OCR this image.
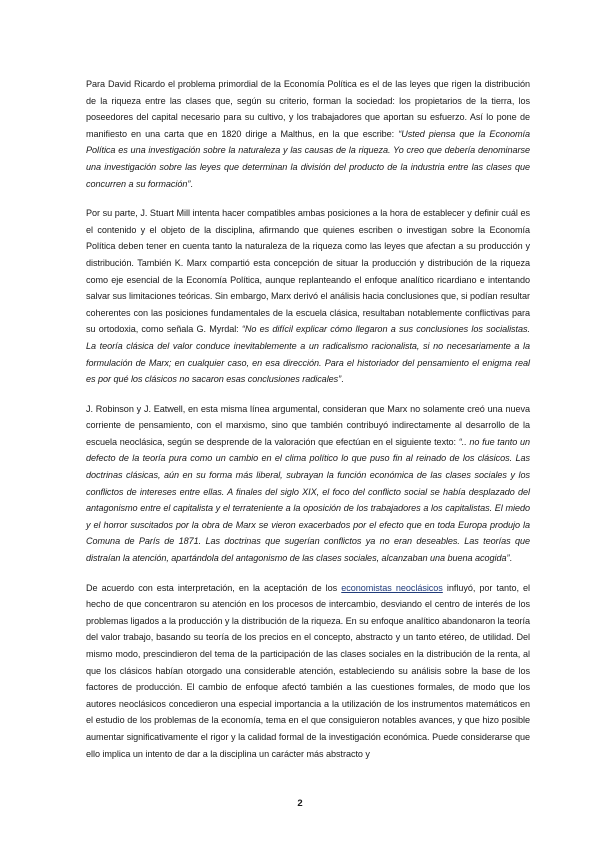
Para David Ricardo el problema primordial de la Economía Política es el de las leyes que rigen la distribución de la riqueza entre las clases que, según su criterio, forman la sociedad: los propietarios de la tierra, los poseedores del capital necesario para su cultivo, y los trabajadores que aportan su esfuerzo. Así lo pone de manifiesto en una carta que en 1820 dirige a Malthus, en la que escribe: “Usted piensa que la Economía Política es una investigación sobre la naturaleza y las causas de la riqueza. Yo creo que debería denominarse una investigación sobre las leyes que determinan la división del producto de la industria entre las clases que concurren a su formación”.

Por su parte, J. Stuart Mill intenta hacer compatibles ambas posiciones a la hora de establecer y definir cuál es el contenido y el objeto de la disciplina, afirmando que quienes escriben o investigan sobre la Economía Política deben tener en cuenta tanto la naturaleza de la riqueza como las leyes que afectan a su producción y distribución. También K. Marx compartió esta concepción de situar la producción y distribución de la riqueza como eje esencial de la Economía Política, aunque replanteando el enfoque analítico ricardiano e intentando salvar sus limitaciones teóricas. Sin embargo, Marx derivó el análisis hacia conclusiones que, si podían resultar coherentes con las posiciones fundamentales de la escuela clásica, resultaban notablemente conflictivas para su ortodoxia, como señala G. Myrdal: “No es difícil explicar cómo llegaron a sus conclusiones los socialistas. La teoría clásica del valor conduce inevitablemente a un radicalismo racionalista, si no necesariamente a la formulación de Marx; en cualquier caso, en esa dirección. Para el historiador del pensamiento el enigma real es por qué los clásicos no sacaron esas conclusiones radicales”.

J. Robinson y J. Eatwell, en esta misma línea argumental, consideran que Marx no solamente creó una nueva corriente de pensamiento, con el marxismo, sino que también contribuyó indirectamente al desarrollo de la escuela neoclásica, según se desprende de la valoración que efectúan en el siguiente texto: “.. no fue tanto un defecto de la teoría pura como un cambio en el clima político lo que puso fin al reinado de los clásicos. Las doctrinas clásicas, aún en su forma más liberal, subrayan la función económica de las clases sociales y los conflictos de intereses entre ellas. A finales del siglo XIX, el foco del conflicto social se había desplazado del antagonismo entre el capitalista y el terrateniente a la oposición de los trabajadores a los capitalistas. El miedo y el horror suscitados por la obra de Marx se vieron exacerbados por el efecto que en toda Europa produjo la Comuna de París de 1871. Las doctrinas que sugerían conflictos ya no eran deseables. Las teorías que distraían la atención, apartándola del antagonismo de las clases sociales, alcanzaban una buena acogida”.

De acuerdo con esta interpretación, en la aceptación de los economistas neoclásicos influyó, por tanto, el hecho de que concentraron su atención en los procesos de intercambio, desviando el centro de interés de los problemas ligados a la producción y la distribución de la riqueza. En su enfoque analítico abandonaron la teoría del valor trabajo, basando su teoría de los precios en el concepto, abstracto y un tanto etéreo, de utilidad. Del mismo modo, prescindieron del tema de la participación de las clases sociales en la distribución de la renta, al que los clásicos habían otorgado una considerable atención, estableciendo su análisis sobre la base de los factores de producción. El cambio de enfoque afectó también a las cuestiones formales, de modo que los autores neoclásicos concedieron una especial importancia a la utilización de los instrumentos matemáticos en el estudio de los problemas de la economía, tema en el que consiguieron notables avances, y que hizo posible aumentar significativamente el rigor y la calidad formal de la investigación económica. Puede considerarse que ello implica un intento de dar a la disciplina un carácter más abstracto y

2
